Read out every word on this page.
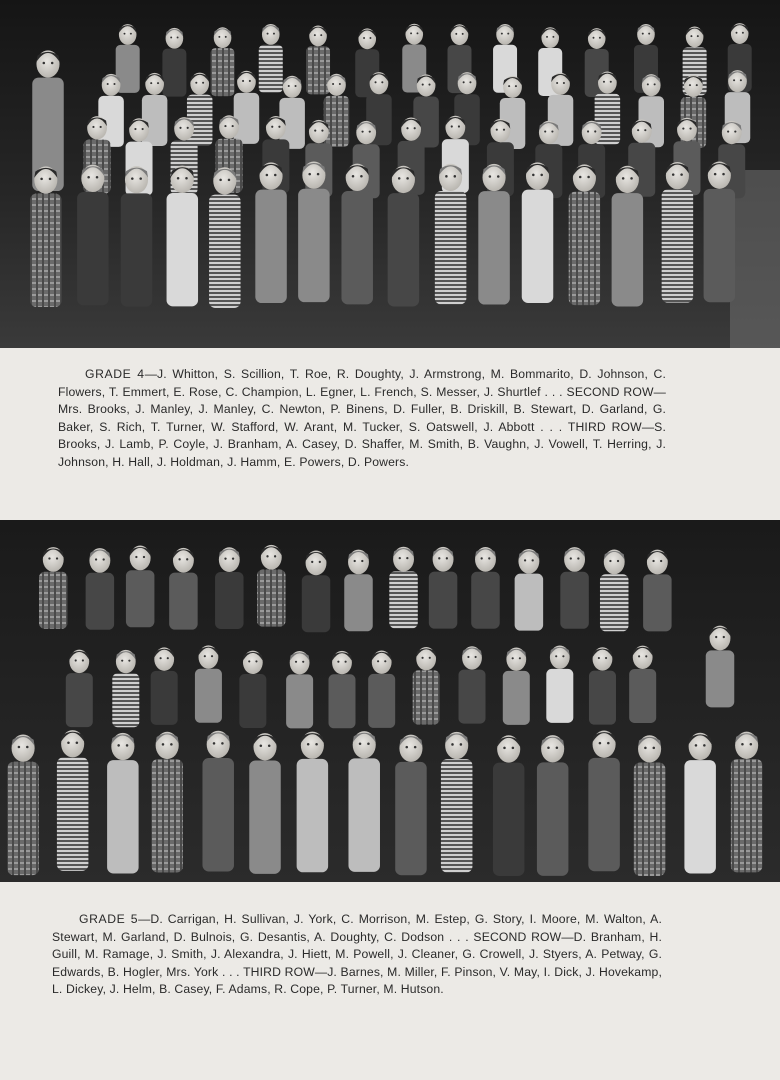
GRADE 4—J. Whitton, S. Scillion, T. Roe, R. Doughty, J. Armstrong, M. Bommarito, D. Johnson, C. Flowers, T. Emmert, E. Rose, C. Champion, L. Egner, L. French, S. Messer, J. Shurtlef . . . SECOND ROW—Mrs. Brooks, J. Manley, J. Manley, C. Newton, P. Binens, D. Fuller, B. Driskill, B. Stewart, D. Garland, G. Baker, S. Rich, T. Turner, W. Stafford, W. Arant, M. Tucker, S. Oatswell, J. Abbott . . . THIRD ROW—S. Brooks, J. Lamb, P. Coyle, J. Branham, A. Casey, D. Shaffer, M. Smith, B. Vaughn, J. Vowell, T. Herring, J. Johnson, H. Hall, J. Holdman, J. Hamm, E. Powers, D. Powers.

GRADE 5—D. Carrigan, H. Sullivan, J. York, C. Morrison, M. Estep, G. Story, I. Moore, M. Walton, A. Stewart, M. Garland, D. Bulnois, G. Desantis, A. Doughty, C. Dodson . . . SECOND ROW—D. Branham, H. Guill, M. Ramage, J. Smith, J. Alexandra, J. Hiett, M. Powell, J. Cleaner, G. Crowell, J. Styers, A. Petway, G. Edwards, B. Hogler, Mrs. York . . . THIRD ROW—J. Barnes, M. Miller, F. Pinson, V. May, I. Dick, J. Hovekamp, L. Dickey, J. Helm, B. Casey, F. Adams, R. Cope, P. Turner, M. Hutson.
